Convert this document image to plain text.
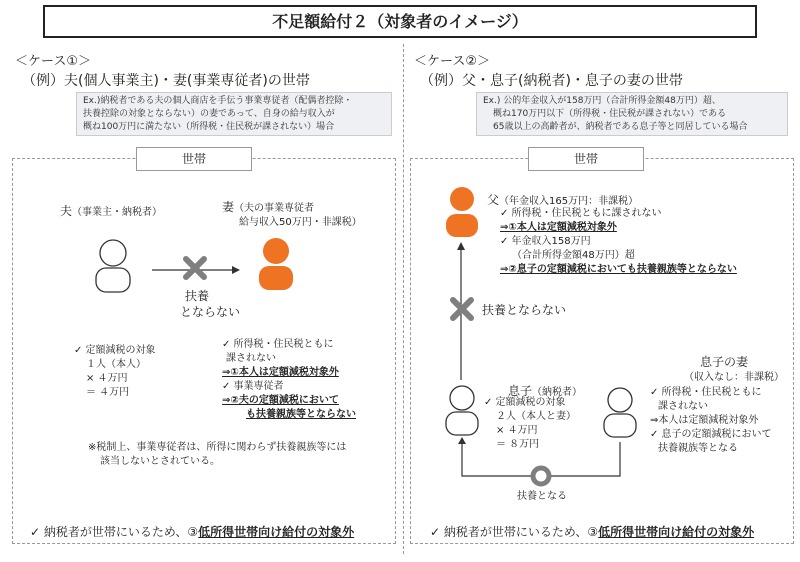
不足額給付２（対象者のイメージ）
＜ケース①＞
（例）夫(個人事業主)・妻(事業専従者)の世帯
Ex.)納税者である夫の個人商店を手伝う事業専従者（配偶者控除・
扶養控除の対象とならない）の妻であって、自身の給与収入が
概ね100万円に満たない（所得税・住民税が課されない）場合
世帯
夫（事業主・納税者）	妻（夫の事業専従者
給与収入50万円・非課税）
扶養
とならない
✓ 定額減税の対象
１人（本人）
× ４万円
＝ ４万円
✓ 所得税・住民税ともに
課されない
⇒①本人は定額減税対象外
✓ 事業専従者
⇒②夫の定額減税において
も扶養親族等とならない
※税制上、事業専従者は、所得に関わらず扶養親族等には
該当しないとされている。
✓ 納税者が世帯にいるため、③低所得世帯向け給付の対象外
＜ケース②＞
（例）父・息子(納税者)・息子の妻の世帯
Ex.) 公的年金収入が158万円（合計所得金額48万円）超、
概ね170万円以下（所得税・住民税が課されない）である
65歳以上の高齢者が、納税者である息子等と同居している場合
世帯
父（年金収入165万円：非課税）
✓ 所得税・住民税ともに課されない
⇒①本人は定額減税対象外
✓ 年金収入158万円
（合計所得金額48万円）超
⇒②息子の定額減税においても扶養親族等とならない
扶養とならない
息子（納税者）
✓ 定額減税の対象
２人（本人と妻）
× ４万円
＝ ８万円
息子の妻
（収入なし：非課税）
✓ 所得税・住民税ともに
課されない
⇒本人は定額減税対象外
✓ 息子の定額減税において
扶養親族等となる
扶養となる
✓ 納税者が世帯にいるため、③低所得世帯向け給付の対象外
